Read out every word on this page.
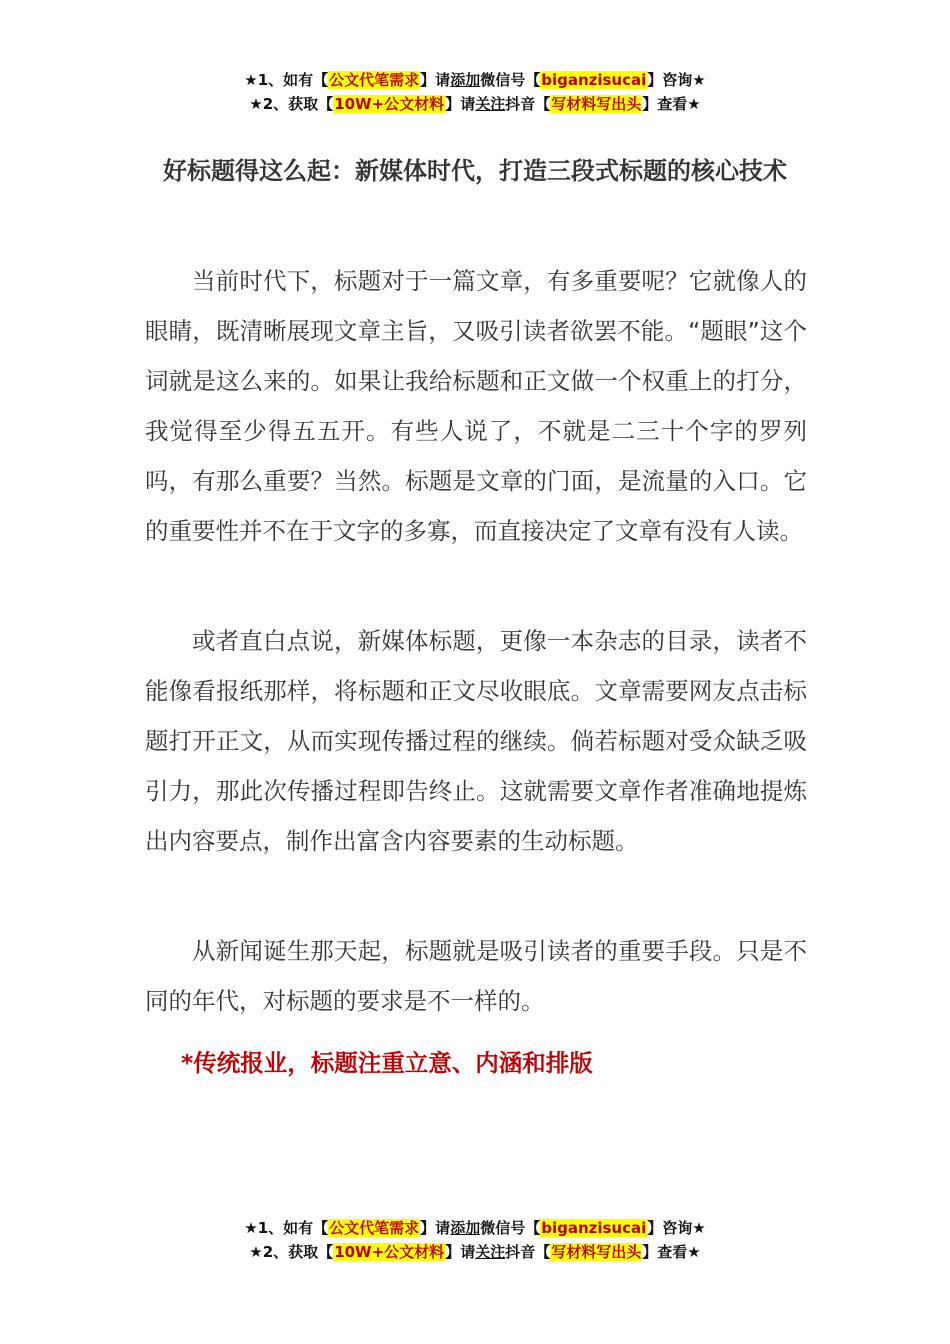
★1、如有【公文代笔需求】请添加微信号【biganzisucai】咨询★
★2、获取【10W+公文材料】请关注抖音【写材料写出头】查看★
好标题得这么起：新媒体时代，打造三段式标题的核心技术

当前时代下，标题对于一篇文章，有多重要呢？它就像人的眼睛，既清晰展现文章主旨，又吸引读者欲罢不能。“题眼”这个词就是这么来的。如果让我给标题和正文做一个权重上的打分，我觉得至少得五五开。有些人说了，不就是二三十个字的罗列吗，有那么重要？当然。标题是文章的门面，是流量的入口。它的重要性并不在于文字的多寡，而直接决定了文章有没有人读。

或者直白点说，新媒体标题，更像一本杂志的目录，读者不能像看报纸那样，将标题和正文尽收眼底。文章需要网友点击标题打开正文，从而实现传播过程的继续。倘若标题对受众缺乏吸引力，那此次传播过程即告终止。这就需要文章作者准确地提炼出内容要点，制作出富含内容要素的生动标题。

从新闻诞生那天起，标题就是吸引读者的重要手段。只是不同的年代，对标题的要求是不一样的。

*传统报业，标题注重立意、内涵和排版
★1、如有【公文代笔需求】请添加微信号【biganzisucai】咨询★
★2、获取【10W+公文材料】请关注抖音【写材料写出头】查看★
